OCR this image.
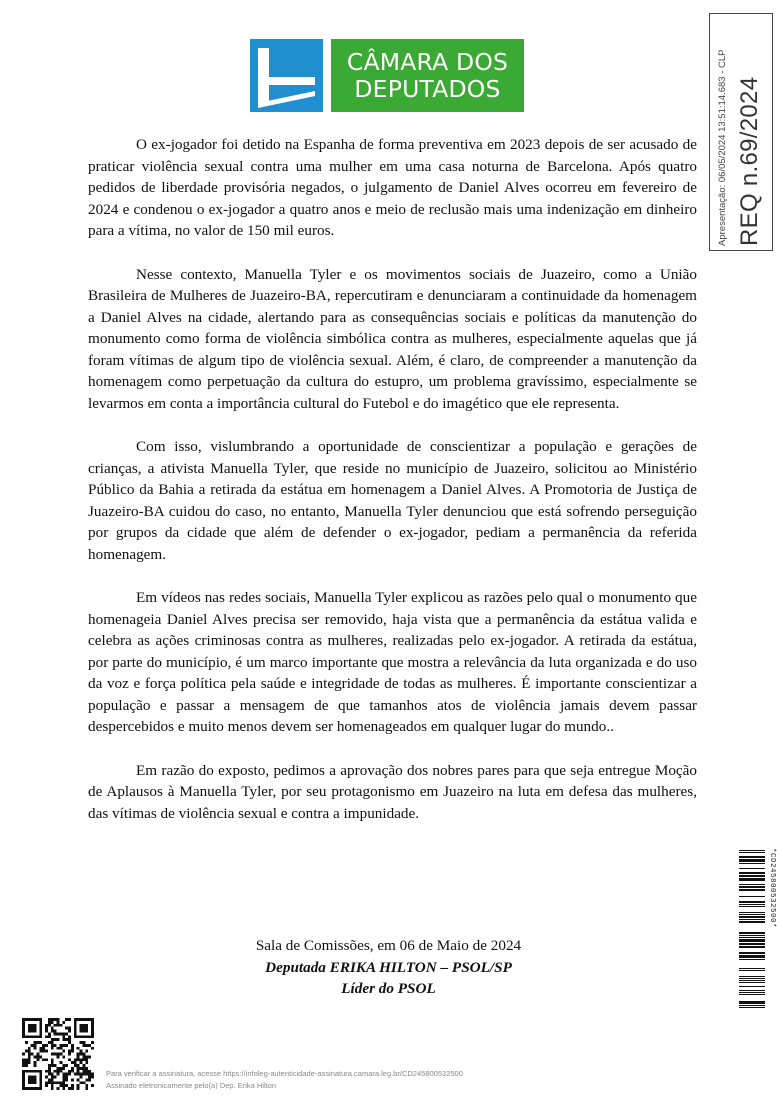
CÂMARA DOS
DEPUTADOS	Apresentação: 06/05/2024 13:51:14.683 - CLP REQ n.69/2024

O ex-jogador foi detido na Espanha de forma preventiva em 2023 depois de ser acusado de praticar violência sexual contra uma mulher em uma casa noturna de Barcelona. Após quatro pedidos de liberdade provisória negados, o julgamento de Daniel Alves ocorreu em fevereiro de 2024 e condenou o ex-jogador a quatro anos e meio de reclusão mais uma indenização em dinheiro para a vítima, no valor de 150 mil euros.

Nesse contexto, Manuella Tyler e os movimentos sociais de Juazeiro, como a União Brasileira de Mulheres de Juazeiro-BA, repercutiram e denunciaram a continuidade da homenagem a Daniel Alves na cidade, alertando para as consequências sociais e políticas da manutenção do monumento como forma de violência simbólica contra as mulheres, especialmente aquelas que já foram vítimas de algum tipo de violência sexual. Além, é claro, de compreender a manutenção da homenagem como perpetuação da cultura do estupro, um problema gravíssimo, especialmente se levarmos em conta a importância cultural do Futebol e do imagético que ele representa.

Com isso, vislumbrando a oportunidade de conscientizar a população e gerações de crianças, a ativista Manuella Tyler, que reside no município de Juazeiro, solicitou ao Ministério Público da Bahia a retirada da estátua em homenagem a Daniel Alves. A Promotoria de Justiça de Juazeiro-BA cuidou do caso, no entanto, Manuella Tyler denunciou que está sofrendo perseguição por grupos da cidade que além de defender o ex-jogador, pediam a permanência da referida homenagem.

Em vídeos nas redes sociais, Manuella Tyler explicou as razões pelo qual o monumento que homenageia Daniel Alves precisa ser removido, haja vista que a permanência da estátua valida e celebra as ações criminosas contra as mulheres, realizadas pelo ex-jogador. A retirada da estátua, por parte do município, é um marco importante que mostra a relevância da luta organizada e do uso da voz e força política pela saúde e integridade de todas as mulheres. É importante conscientizar a população e passar a mensagem de que tamanhos atos de violência jamais devem passar despercebidos e muito menos devem ser homenageados em qualquer lugar do mundo..

Em razão do exposto, pedimos a aprovação dos nobres pares para que seja entregue Moção de Aplausos à Manuella Tyler, por seu protagonismo em Juazeiro na luta em defesa das mulheres, das vítimas de violência sexual e contra a impunidade.

Sala de Comissões, em 06 de Maio de 2024
Deputada ERIKA HILTON – PSOL/SP
Líder do PSOL
*CD245800532500*
Para verificar a assinatura, acesse https://infoleg-autenticidade-assinatura.camara.leg.br/CD245800532500
Assinado eletronicamente pelo(a) Dep. Erika Hilton
